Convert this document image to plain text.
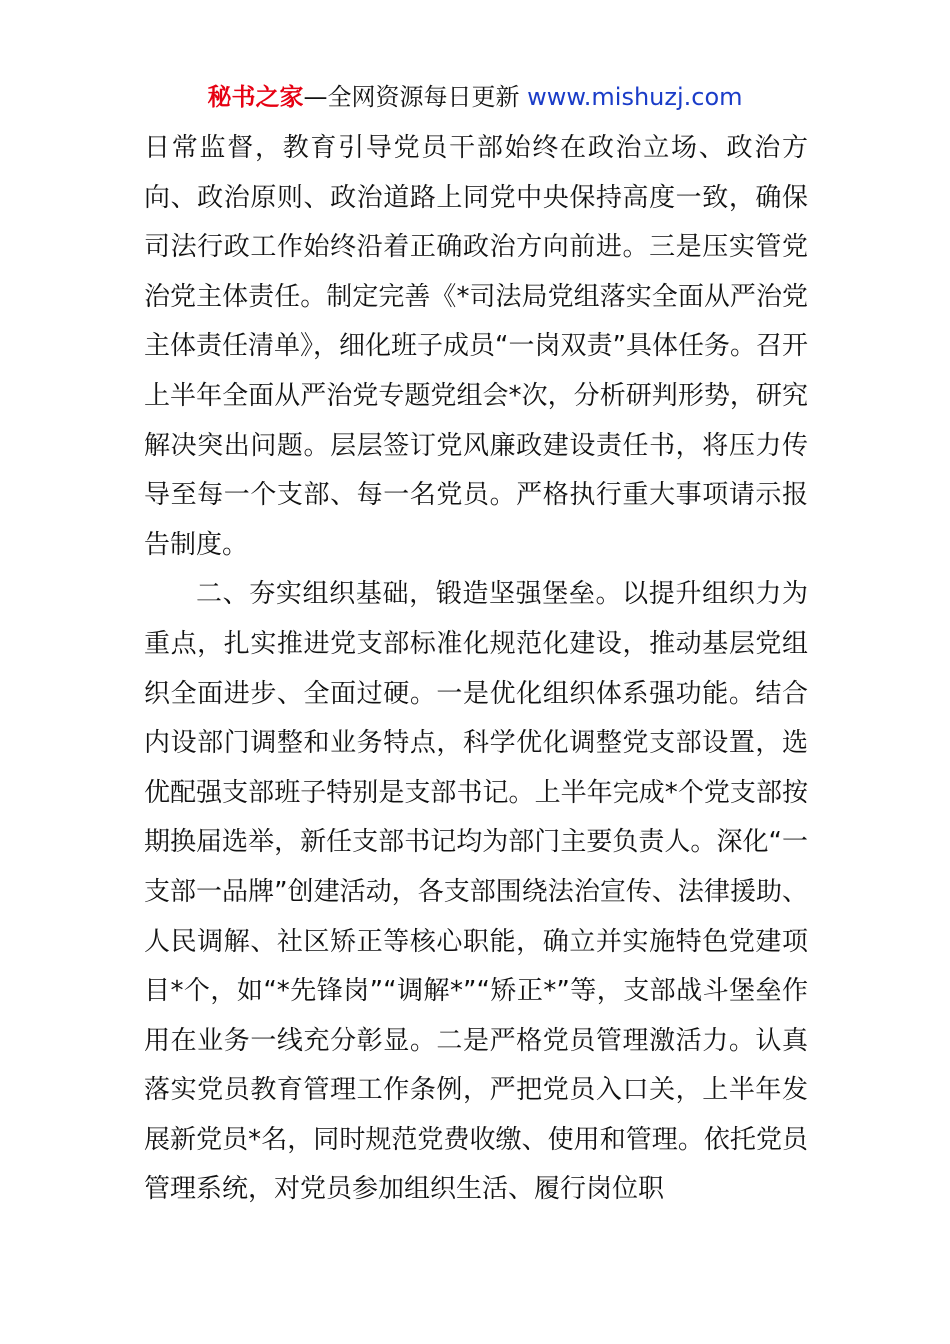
秘书之家—全网资源每日更新 www.mishuzj.com

日常监督，教育引导党员干部始终在政治立场、政治方向、政治原则、政治道路上同党中央保持高度一致，确保司法行政工作始终沿着正确政治方向前进。三是压实管党治党主体责任。制定完善《*司法局党组落实全面从严治党主体责任清单》，细化班子成员“一岗双责”具体任务。召开上半年全面从严治党专题党组会*次，分析研判形势，研究解决突出问题。层层签订党风廉政建设责任书，将压力传导至每一个支部、每一名党员。严格执行重大事项请示报告制度。

二、夯实组织基础，锻造坚强堡垒。以提升组织力为重点，扎实推进党支部标准化规范化建设，推动基层党组织全面进步、全面过硬。一是优化组织体系强功能。结合内设部门调整和业务特点，科学优化调整党支部设置，选优配强支部班子特别是支部书记。上半年完成*个党支部按期换届选举，新任支部书记均为部门主要负责人。深化“一支部一品牌”创建活动，各支部围绕法治宣传、法律援助、人民调解、社区矫正等核心职能，确立并实施特色党建项目*个，如“*先锋岗”“调解*”“矫正*”等，支部战斗堡垒作用在业务一线充分彰显。二是严格党员管理激活力。认真落实党员教育管理工作条例，严把党员入口关，上半年发展新党员*名，同时规范党费收缴、使用和管理。依托党员管理系统，对党员参加组织生活、履行岗位职
